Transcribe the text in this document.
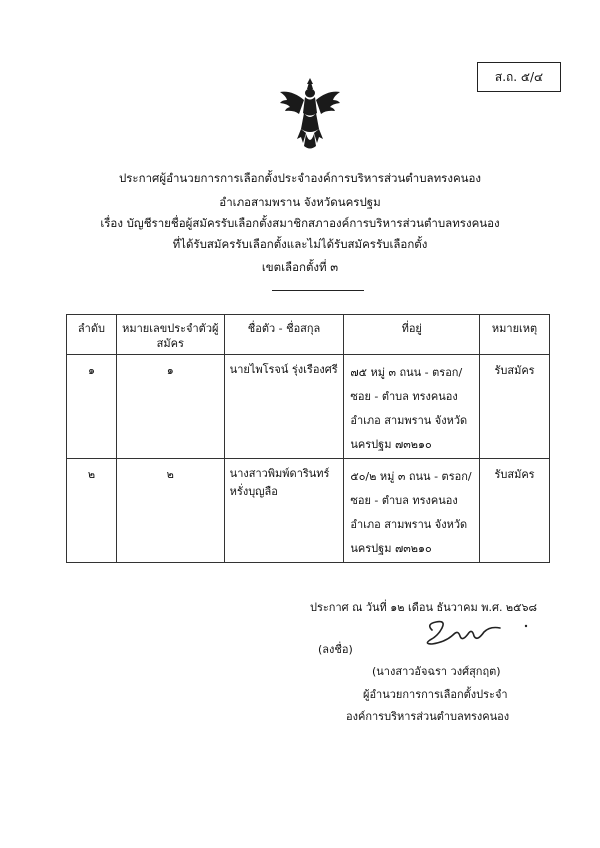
ส.ถ. ๕/๔
ประกาศผู้อำนวยการการเลือกตั้งประจำองค์การบริหารส่วนตำบลทรงคนอง
อำเภอสามพราน จังหวัดนครปฐม
เรื่อง บัญชีรายชื่อผู้สมัครรับเลือกตั้งสมาชิกสภาองค์การบริหารส่วนตำบลทรงคนอง
ที่ได้รับสมัครรับเลือกตั้งและไม่ได้รับสมัครรับเลือกตั้ง
เขตเลือกตั้งที่ ๓
ลำดับ	หมายเลขประจำตัวผู้สมัคร	ชื่อตัว - ชื่อสกุล	ที่อยู่	หมายเหตุ
๑	๑	นายไพโรจน์ รุ่งเรืองศรี	๗๕ หมู่ ๓ ถนน - ตรอก/ซอย - ตำบล ทรงคนอง อำเภอ สามพราน จังหวัด นครปฐม ๗๓๒๑๐	รับสมัคร
๒	๒	นางสาวพิมพ์ดารินทร์ หรั่งบุญลือ	๕๐/๒ หมู่ ๓ ถนน - ตรอก/ซอย - ตำบล ทรงคนอง อำเภอ สามพราน จังหวัด นครปฐม ๗๓๒๑๐	รับสมัคร
ประกาศ ณ วันที่ ๑๒ เดือน ธันวาคม พ.ศ. ๒๕๖๘
(ลงชื่อ)
(นางสาวอัจฉรา วงศ์สุกฤต)
ผู้อำนวยการการเลือกตั้งประจำ
องค์การบริหารส่วนตำบลทรงคนอง
